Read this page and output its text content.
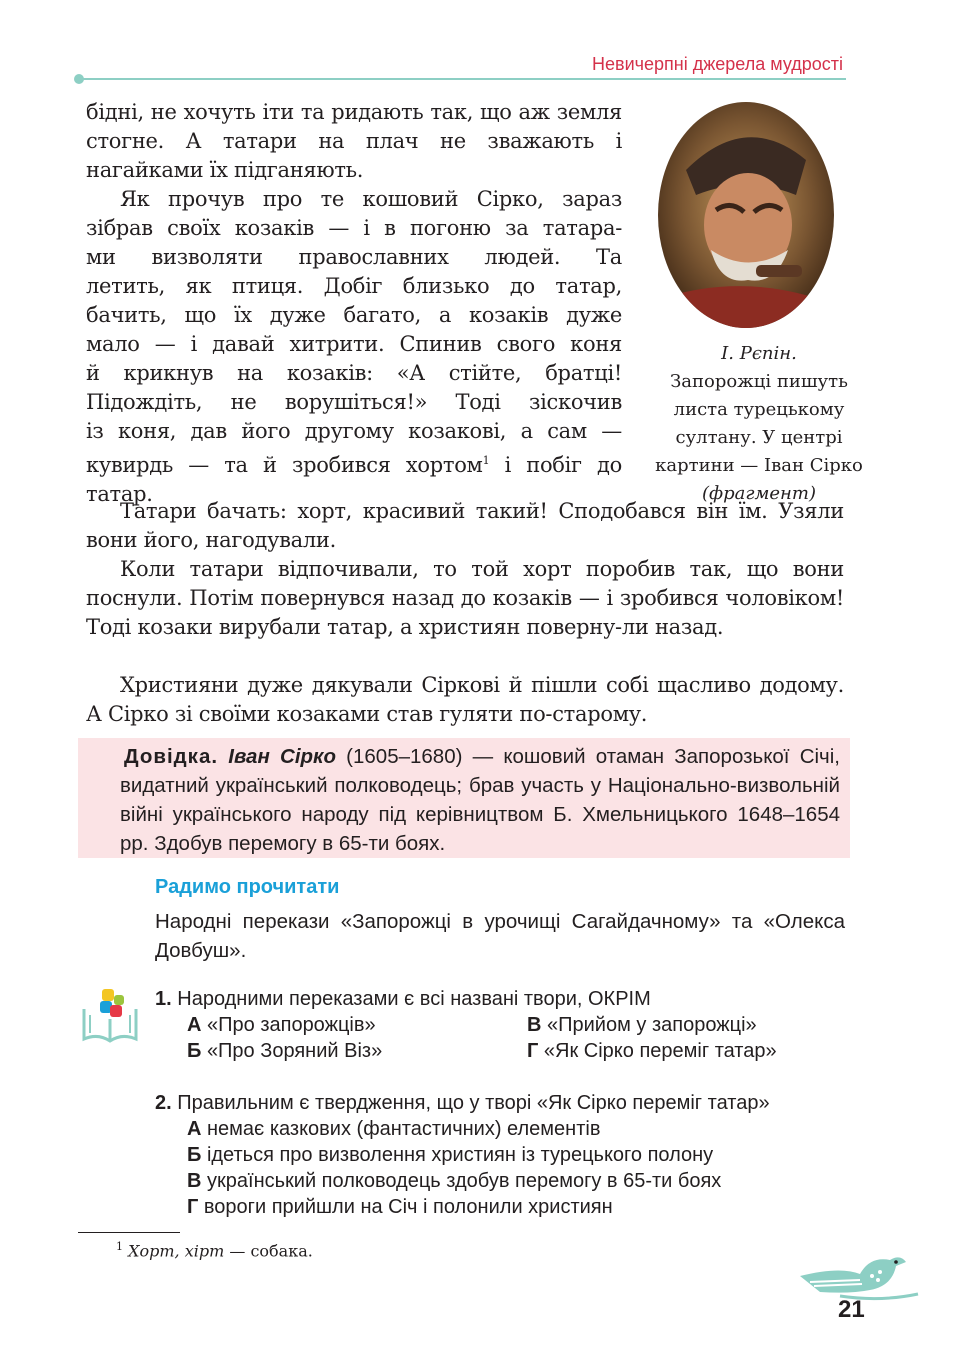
Невичерпні джерела мудрості

бідні, не хочуть іти та ридають так, що аж земля стогне. А татари на плач не зважають і нагайками їх підганяють.

Як прочув про те кошовий Сірко, зараз
зібрав своїх козаків — і в погоню за татара-
ми визволяти православних людей. Та
летить, як птиця. Добіг близько до татар,
бачить, що їх дуже багато, а козаків дуже
мало — і давай хитрити. Спинив свого коня
й крикнув на козаків: «А стійте, братці!
Підождіть, не ворушіться!» Тоді зіскочив
із коня, дав його другому козакові, а сам —
кувирдь — та й зробився хортом$^1$ і побіг до
татар.
І. Рєпін.
Запорожці пишуть листа турецькому султану. У центрі картини — Іван Сірко (фрагмент)

Татари бачать: хорт, красивий такий! Сподобався він їм. Узяли вони його, нагодували.

Коли татари відпочивали, то той хорт поробив так, що вони поснули. Потім повернувся назад до козаків — і зробився чоловіком! Тоді козаки вирубали татар, а християн поверну-ли назад.

Християни дуже дякували Сіркові й пішли собі щасливо додому. А Сірко зі своїми козаками став гуляти по-старому.

Довідка. Іван Сірко (1605–1680) — кошовий отаман Запорозької Січі, видатний український полководець; брав участь у Національно-визвольній війні українського народу під керівництвом Б. Хмельницького 1648–1654 рр. Здобув перемогу в 65-ти боях.

Радимо прочитати

Народні перекази «Запорожці в урочищі Сагайдачному» та «Олекса Довбуш».

1. Народними переказами є всі названі твори, ОКРІМ
А «Про запорожців»
Б «Про Зоряний Віз»
В «Прийом у запорожці»
Г «Як Сірко переміг татар»
2. Правильним є твердження, що у творі «Як Сірко переміг татар»
А немає казкових (фантастичних) елементів
Б ідеться про визволення християн із турецького полону
В український полководець здобув перемогу в 65-ти боях
Г вороги прийшли на Січ і полонили християн
$^1$ Хорт, хірт — собака.
21
